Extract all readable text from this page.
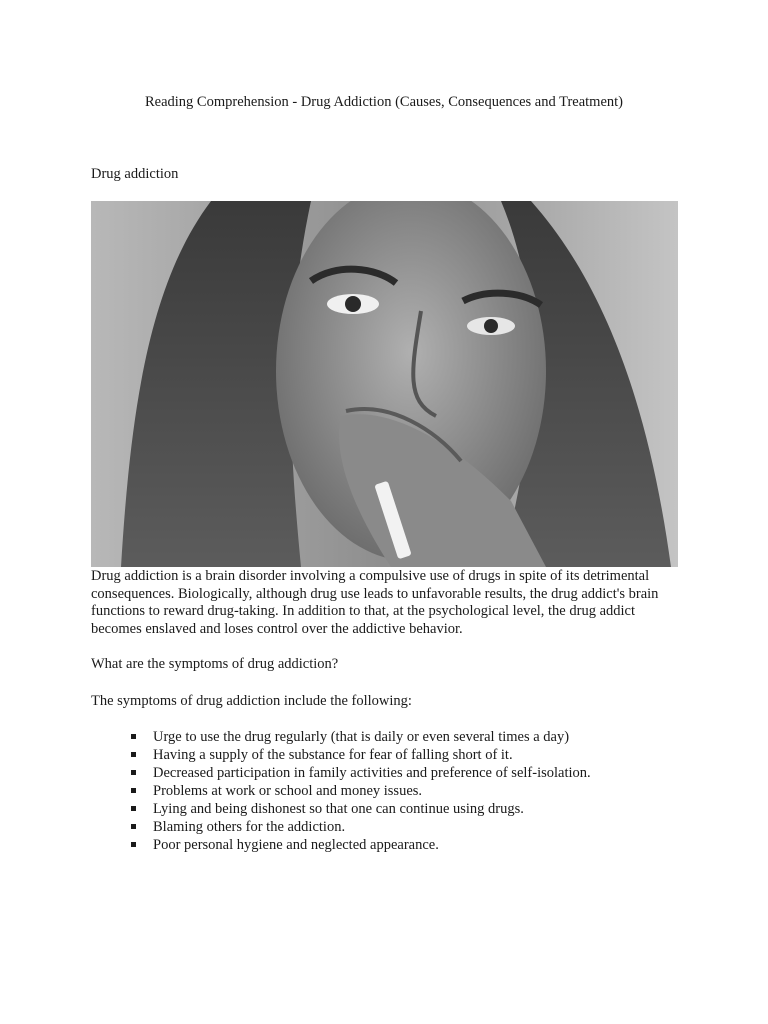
Reading Comprehension - Drug Addiction (Causes, Consequences and Treatment)
Drug addiction

Drug addiction is a brain disorder involving a compulsive use of drugs in spite of its detrimental consequences. Biologically, although drug use leads to unfavorable results, the drug addict's brain functions to reward drug-taking. In addition to that, at the psychological level, the drug addict becomes enslaved and loses control over the addictive behavior.

What are the symptoms of drug addiction?

The symptoms of drug addiction include the following:

Urge to use the drug regularly (that is daily or even several times a day)
Having a supply of the substance for fear of falling short of it.
Decreased participation in family activities and preference of self-isolation.
Problems at work or school and money issues.
Lying and being dishonest so that one can continue using drugs.
Blaming others for the addiction.
Poor personal hygiene and neglected appearance.
